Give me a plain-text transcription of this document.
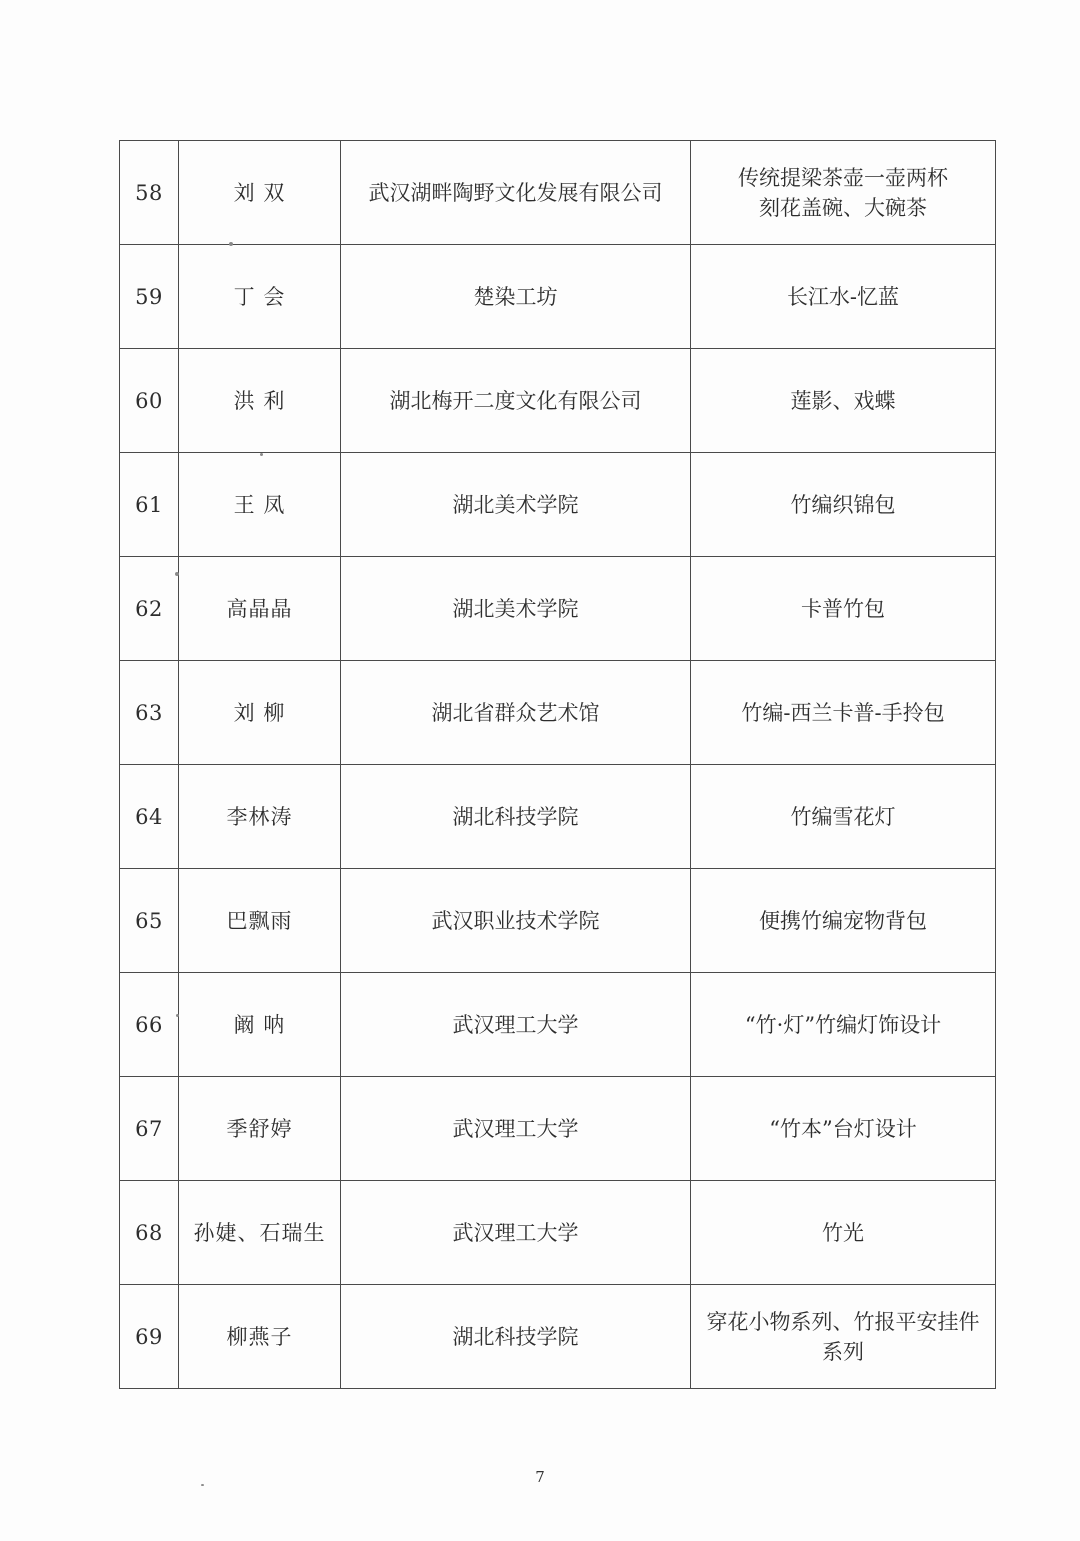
58	刘 双	武汉湖畔陶野文化发展有限公司	传统提梁茶壶一壶两杯
刻花盖碗、大碗茶
59	丁 会	楚染工坊	长江水-忆蓝
60	洪 利	湖北梅开二度文化有限公司	莲影、戏蝶
61	王 凤	湖北美术学院	竹编织锦包
62	高晶晶	湖北美术学院	卡普竹包
63	刘 柳	湖北省群众艺术馆	竹编-西兰卡普-手拎包
64	李林涛	湖北科技学院	竹编雪花灯
65	巴飘雨	武汉职业技术学院	便携竹编宠物背包
66	阚 呐	武汉理工大学	“竹·灯”竹编灯饰设计
67	季舒婷	武汉理工大学	“竹本”台灯设计
68	孙婕、石瑞生	武汉理工大学	竹光
69	柳燕子	湖北科技学院	穿花小物系列、竹报平安挂件
系列
7
